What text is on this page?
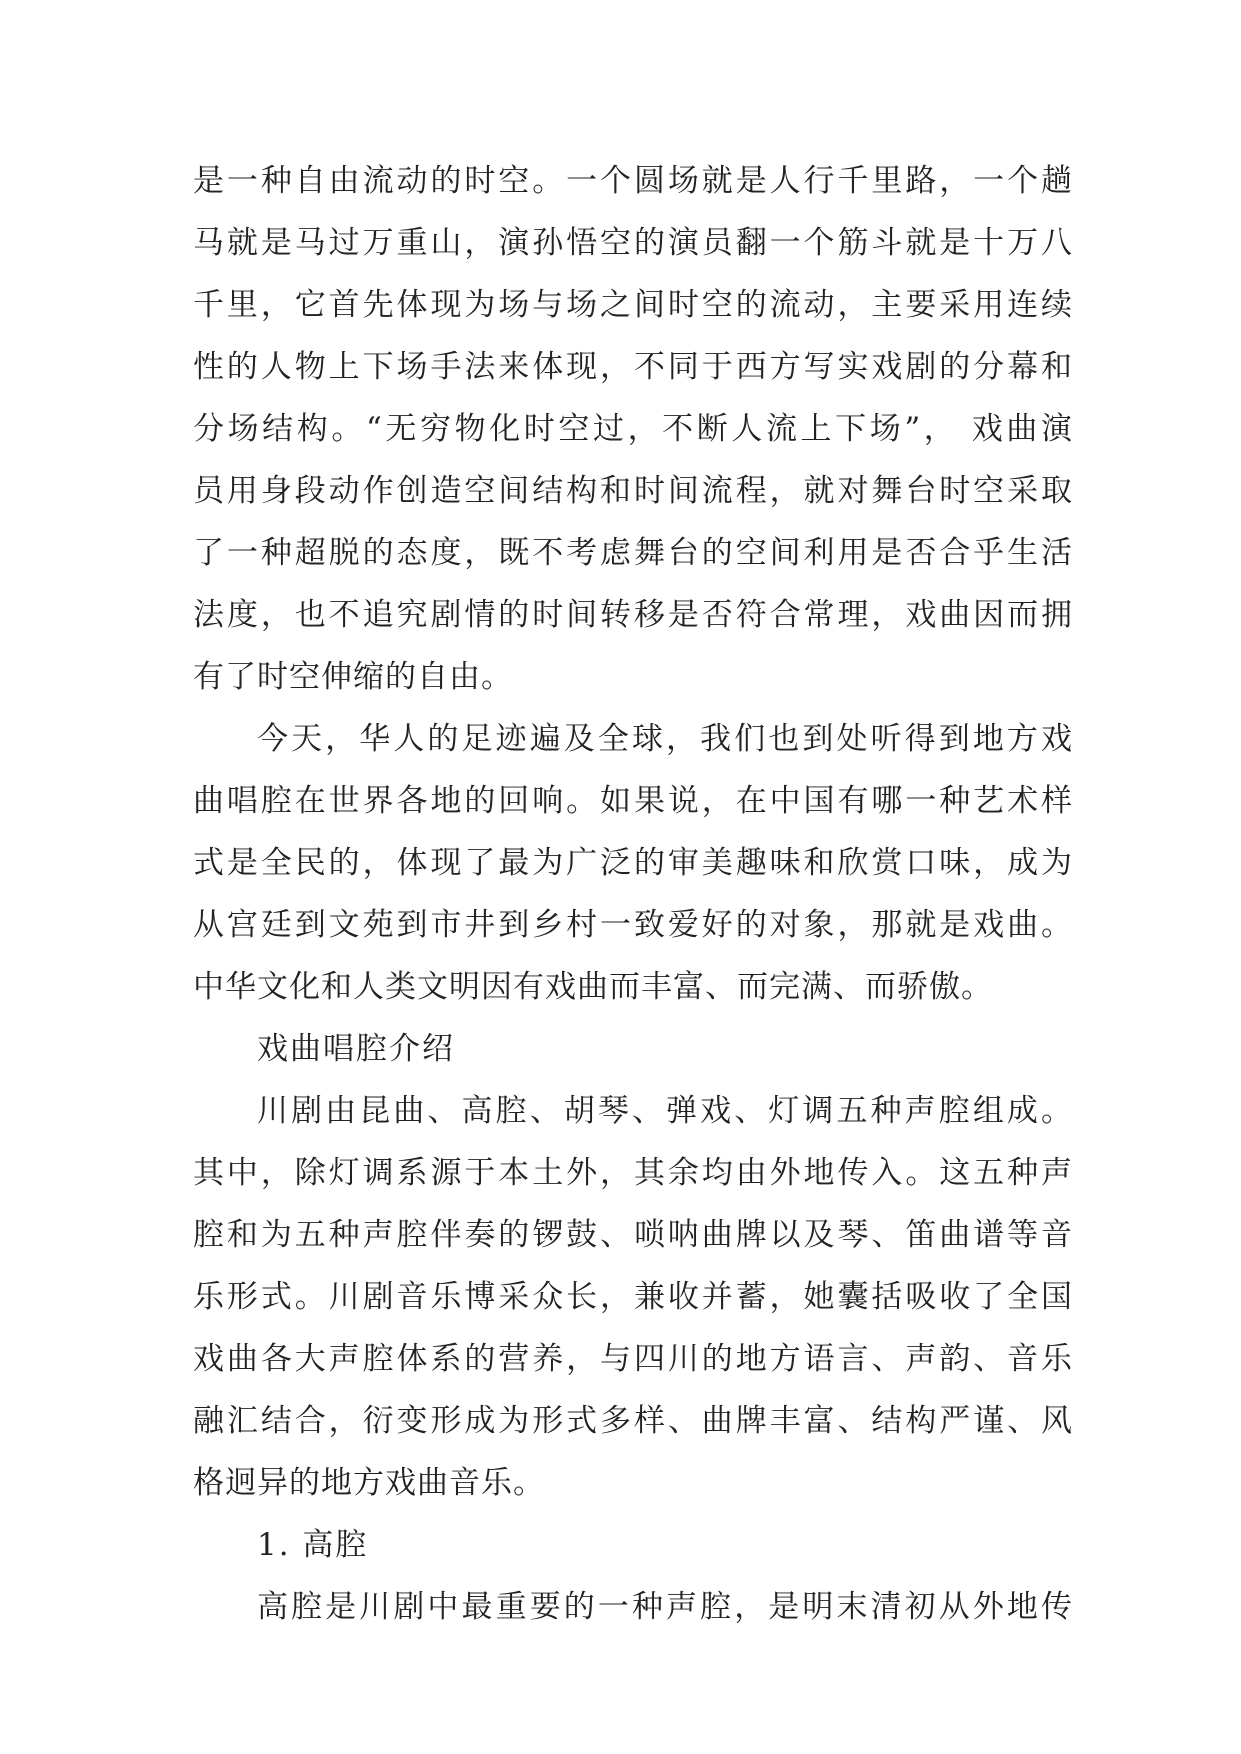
是一种自由流动的时空。一个圆场就是人行千里路，一个趟
马就是马过万重山，演孙悟空的演员翻一个筋斗就是十万八
千里，它首先体现为场与场之间时空的流动，主要采用连续
性的人物上下场手法来体现，不同于西方写实戏剧的分幕和
分场结构。“无穷物化时空过，不断人流上下场”， 戏曲演
员用身段动作创造空间结构和时间流程，就对舞台时空采取
了一种超脱的态度，既不考虑舞台的空间利用是否合乎生活
法度，也不追究剧情的时间转移是否符合常理，戏曲因而拥
有了时空伸缩的自由。
今天，华人的足迹遍及全球，我们也到处听得到地方戏
曲唱腔在世界各地的回响。如果说，在中国有哪一种艺术样
式是全民的，体现了最为广泛的审美趣味和欣赏口味，成为
从宫廷到文苑到市井到乡村一致爱好的对象，那就是戏曲。
中华文化和人类文明因有戏曲而丰富、而完满、而骄傲。
戏曲唱腔介绍
川剧由昆曲、高腔、胡琴、弹戏、灯调五种声腔组成。
其中，除灯调系源于本土外，其余均由外地传入。这五种声
腔和为五种声腔伴奏的锣鼓、唢呐曲牌以及琴、笛曲谱等音
乐形式。川剧音乐博采众长，兼收并蓄，她囊括吸收了全国
戏曲各大声腔体系的营养，与四川的地方语言、声韵、音乐
融汇结合，衍变形成为形式多样、曲牌丰富、结构严谨、风
格迥异的地方戏曲音乐。
1. 高腔
高腔是川剧中最重要的一种声腔，是明末清初从外地传
